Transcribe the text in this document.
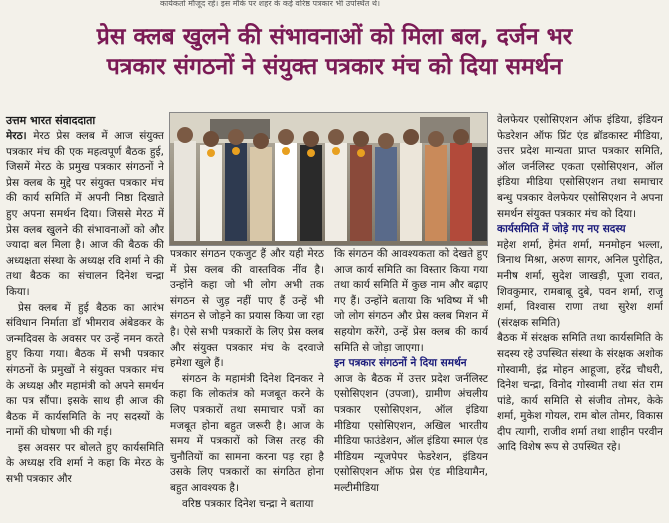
कार्यकर्ता मौजूद रहे। इस मौके पर शहर के कई वरिष्ठ पत्रकार भी उपस्थित थे।
प्रेस क्लब खुलने की संभावनाओं को मिला बल, दर्जन भर
पत्रकार संगठनों ने संयुक्त पत्रकार मंच को दिया समर्थन
उत्तम भारत संवाददाता

मेरठ। मेरठ प्रेस क्लब में आज संयुक्त पत्रकार मंच की एक महत्वपूर्ण बैठक हुई, जिसमें मेरठ के प्रमुख पत्रकार संगठनों ने प्रेस क्लब के मुद्दे पर संयुक्त पत्रकार मंच की कार्य समिति में अपनी निष्ठा दिखाते हुए अपना समर्थन दिया। जिससे मेरठ में प्रेस क्लब खुलने की संभावनाओं को और ज्यादा बल मिला है। आज की बैठक की अध्यक्षता संस्था के अध्यक्ष रवि शर्मा ने की तथा बैठक का संचालन दिनेश चन्द्रा किया।

प्रेस क्लब में हुई बैठक का आरंभ संविधान निर्माता डॉ भीमराव अंबेडकर के जन्मदिवस के अवसर पर उन्हें नमन करते हुए किया गया। बैठक में सभी पत्रकार संगठनों के प्रमुखों ने संयुक्त पत्रकार मंच के अध्यक्ष और महामंत्री को अपने समर्थन का पत्र सौंपा। इसके साथ ही आज की बैठक में कार्यसमिति के नए सदस्यों के नामों की घोषणा भी की गई।

इस अवसर पर बोलते हुए कार्यसमिति के अध्यक्ष रवि शर्मा ने कहा कि मेरठ के सभी पत्रकार और

पत्रकार संगठन एकजुट हैं और यही मेरठ में प्रेस क्लब की वास्तविक नींव है। उन्होंने कहा जो भी लोग अभी तक संगठन से जुड़ नहीं पाए हैं उन्हें भी संगठन से जोड़ने का प्रयास किया जा रहा है। ऐसे सभी पत्रकारों के लिए प्रेस क्लब और संयुक्त पत्रकार मंच के दरवाजे हमेशा खुले हैं।

संगठन के महामंत्री दिनेश दिनकर ने कहा कि लोकतंत्र को मजबूत करने के लिए पत्रकारों तथा समाचार पत्रों का मजबूत होना बहुत जरूरी है। आज के समय में पत्रकारों को जिस तरह की चुनौतियों का सामना करना पड़ रहा है उसके लिए पत्रकारों का संगठित होना बहुत आवश्यक है।

वरिष्ठ पत्रकार दिनेश चन्द्रा ने बताया

कि संगठन की आवश्यकता को देखते हुए आज कार्य समिति का विस्तार किया गया तथा कार्य समिति में कुछ नाम और बढ़ाए गए हैं। उन्होंने बताया कि भविष्य में भी जो लोग संगठन और प्रेस क्लब मिशन में सहयोग करेंगे, उन्हें प्रेस क्लब की कार्य समिति से जोड़ा जाएगा।

इन पत्रकार संगठनों ने दिया समर्थन

आज के बैठक में उत्तर प्रदेश जर्नलिस्ट एसोसिएशन (उपजा), ग्रामीण अंचलीय पत्रकार एसोसिएशन, ऑल इंडिया मीडिया एसोसिएशन, अखिल भारतीय मीडिया फाउंडेशन, ऑल इंडिया स्माल एंड मीडियम न्यूजपेपर फेडरेशन, इंडियन एसोसिएशन ऑफ प्रेस एंड मीडियामैन, मल्टीमीडिया

वेलफेयर एसोसिएशन ऑफ इंडिया, इंडियन फेडरेशन ऑफ प्रिंट एंड ब्रॉडकास्ट मीडिया, उत्तर प्रदेश मान्यता प्राप्त पत्रकार समिति, ऑल जर्नलिस्ट एकता एसोसिएशन, ऑल इंडिया मीडिया एसोसिएशन तथा समाचार बन्धु पत्रकार वेलफेयर एसोसिएशन ने अपना समर्थन संयुक्त पत्रकार मंच को दिया।

कार्यसमिति में जोड़े गए नए सदस्य

महेश शर्मा, हेमंत शर्मा, मनमोहन भल्ला, त्रिनाथ मिश्रा, अरुण सागर, अनिल पुरोहित, मनीष शर्मा, सुदेश जाखड़ी, पूजा रावत, शिवकुमार, रामबाबू दुबे, पवन शर्मा, राजू शर्मा, विश्वास राणा तथा सुरेश शर्मा (संरक्षक समिति)

बैठक में संरक्षक समिति तथा कार्यसमिति के सदस्य रहे उपस्थित संस्था के संरक्षक अशोक गोस्वामी, इंद्र मोहन आहूजा, हरेंद्र चौधरी, दिनेश चन्द्रा, विनोद गोस्वामी तथा संत राम पांडे, कार्य समिति से संजीव तोमर, केके शर्मा, मुकेश गोयल, राम बोल तोमर, विकास दीप त्यागी, राजीव शर्मा तथा शाहीन परवीन आदि विशेष रूप से उपस्थित रहे।
